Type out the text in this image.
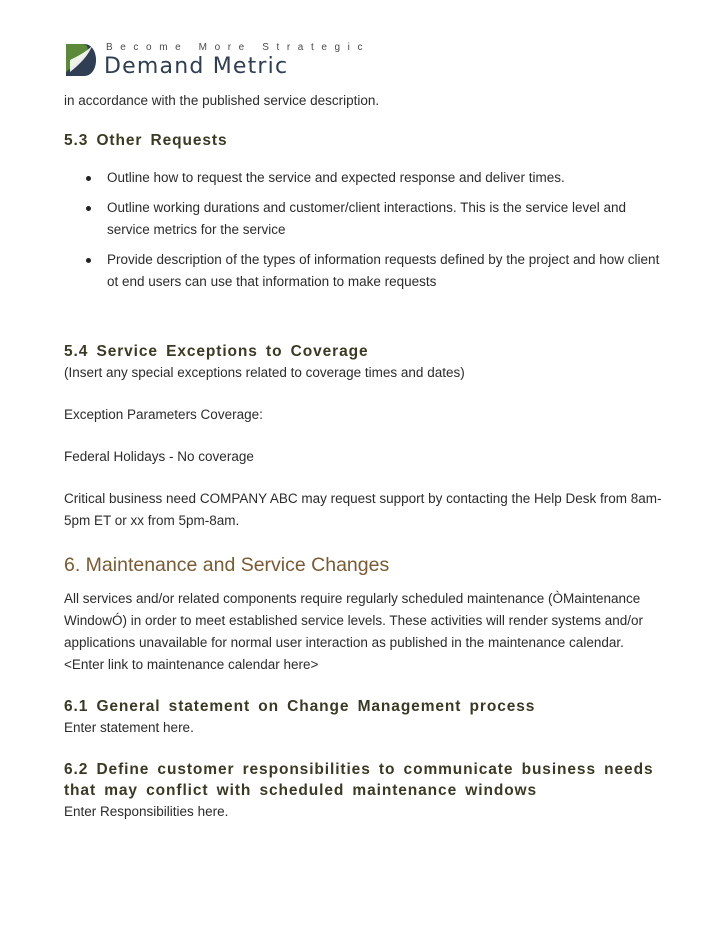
Become More Strategic
Demand Metric

in accordance with the published service description.

5.3 Other Requests
Outline how to request the service and expected response and deliver times.
Outline working durations and customer/client interactions. This is the service level and service metrics for the service
Provide description of the types of information requests defined by the project and how client ot end users can use that information to make requests
5.4 Service Exceptions to Coverage

(Insert any special exceptions related to coverage times and dates)

Exception Parameters Coverage:

Federal Holidays - No coverage

Critical business need COMPANY ABC may request support by contacting the Help Desk from 8am-5pm ET or xx from 5pm-8am.

6. Maintenance and Service Changes

All services and/or related components require regularly scheduled maintenance (ÒMaintenance WindowÓ) in order to meet established service levels. These activities will render systems and/or applications unavailable for normal user interaction as published in the maintenance calendar. <Enter link to maintenance calendar here>

6.1 General statement on Change Management process

Enter statement here.

6.2 Define customer responsibilities to communicate business needs that may conflict with scheduled maintenance windows

Enter Responsibilities here.
